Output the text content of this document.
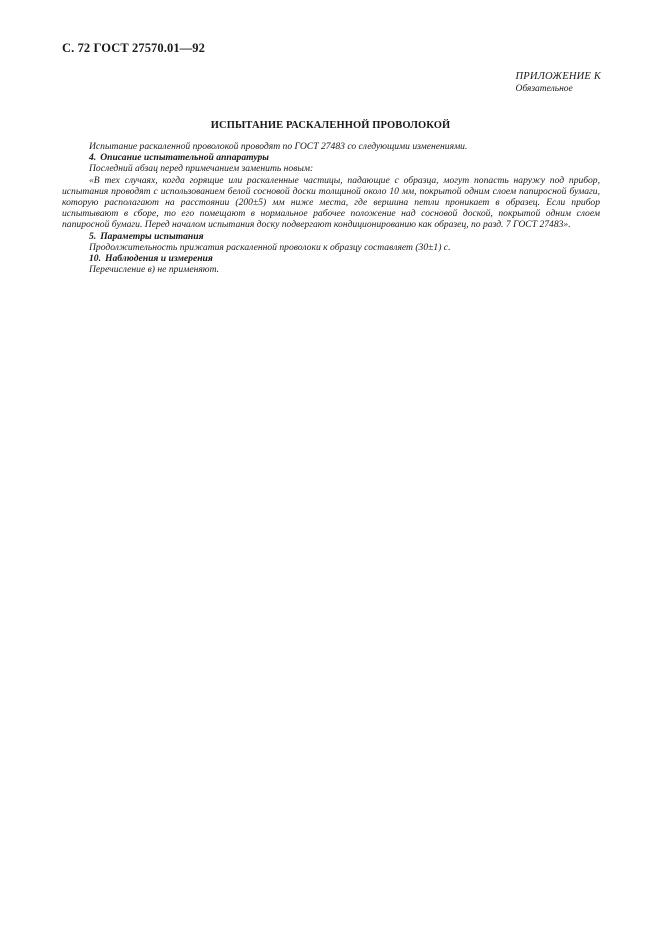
С. 72 ГОСТ 27570.01—92
ПРИЛОЖЕНИЕ К
Обязательное
ИСПЫТАНИЕ РАСКАЛЕННОЙ ПРОВОЛОКОЙ

Испытание раскаленной проволокой проводят по ГОСТ 27483 со следующими изменениями.

4. Описание испытательной аппаратуры

Последний абзац перед примечанием заменить новым:

«В тех случаях, когда горящие или раскаленные частицы, падающие с образца, могут попасть наружу под прибор, испытания проводят с использованием белой сосновой доски толщиной около 10 мм, покрытой одним слоем папиросной бумаги, которую располагают на расстоянии (200±5) мм ниже места, где вершина петли проникает в образец. Если прибор испытывают в сборе, то его помещают в нормальное рабочее положение над сосновой доской, покрытой одним слоем папиросной бумаги. Перед началом испытания доску подвергают кондиционированию как образец, по разд. 7 ГОСТ 27483».

5. Параметры испытания

Продолжительность прижатия раскаленной проволоки к образцу составляет (30±1) с.

10. Наблюдения и измерения

Перечисление в) не применяют.
